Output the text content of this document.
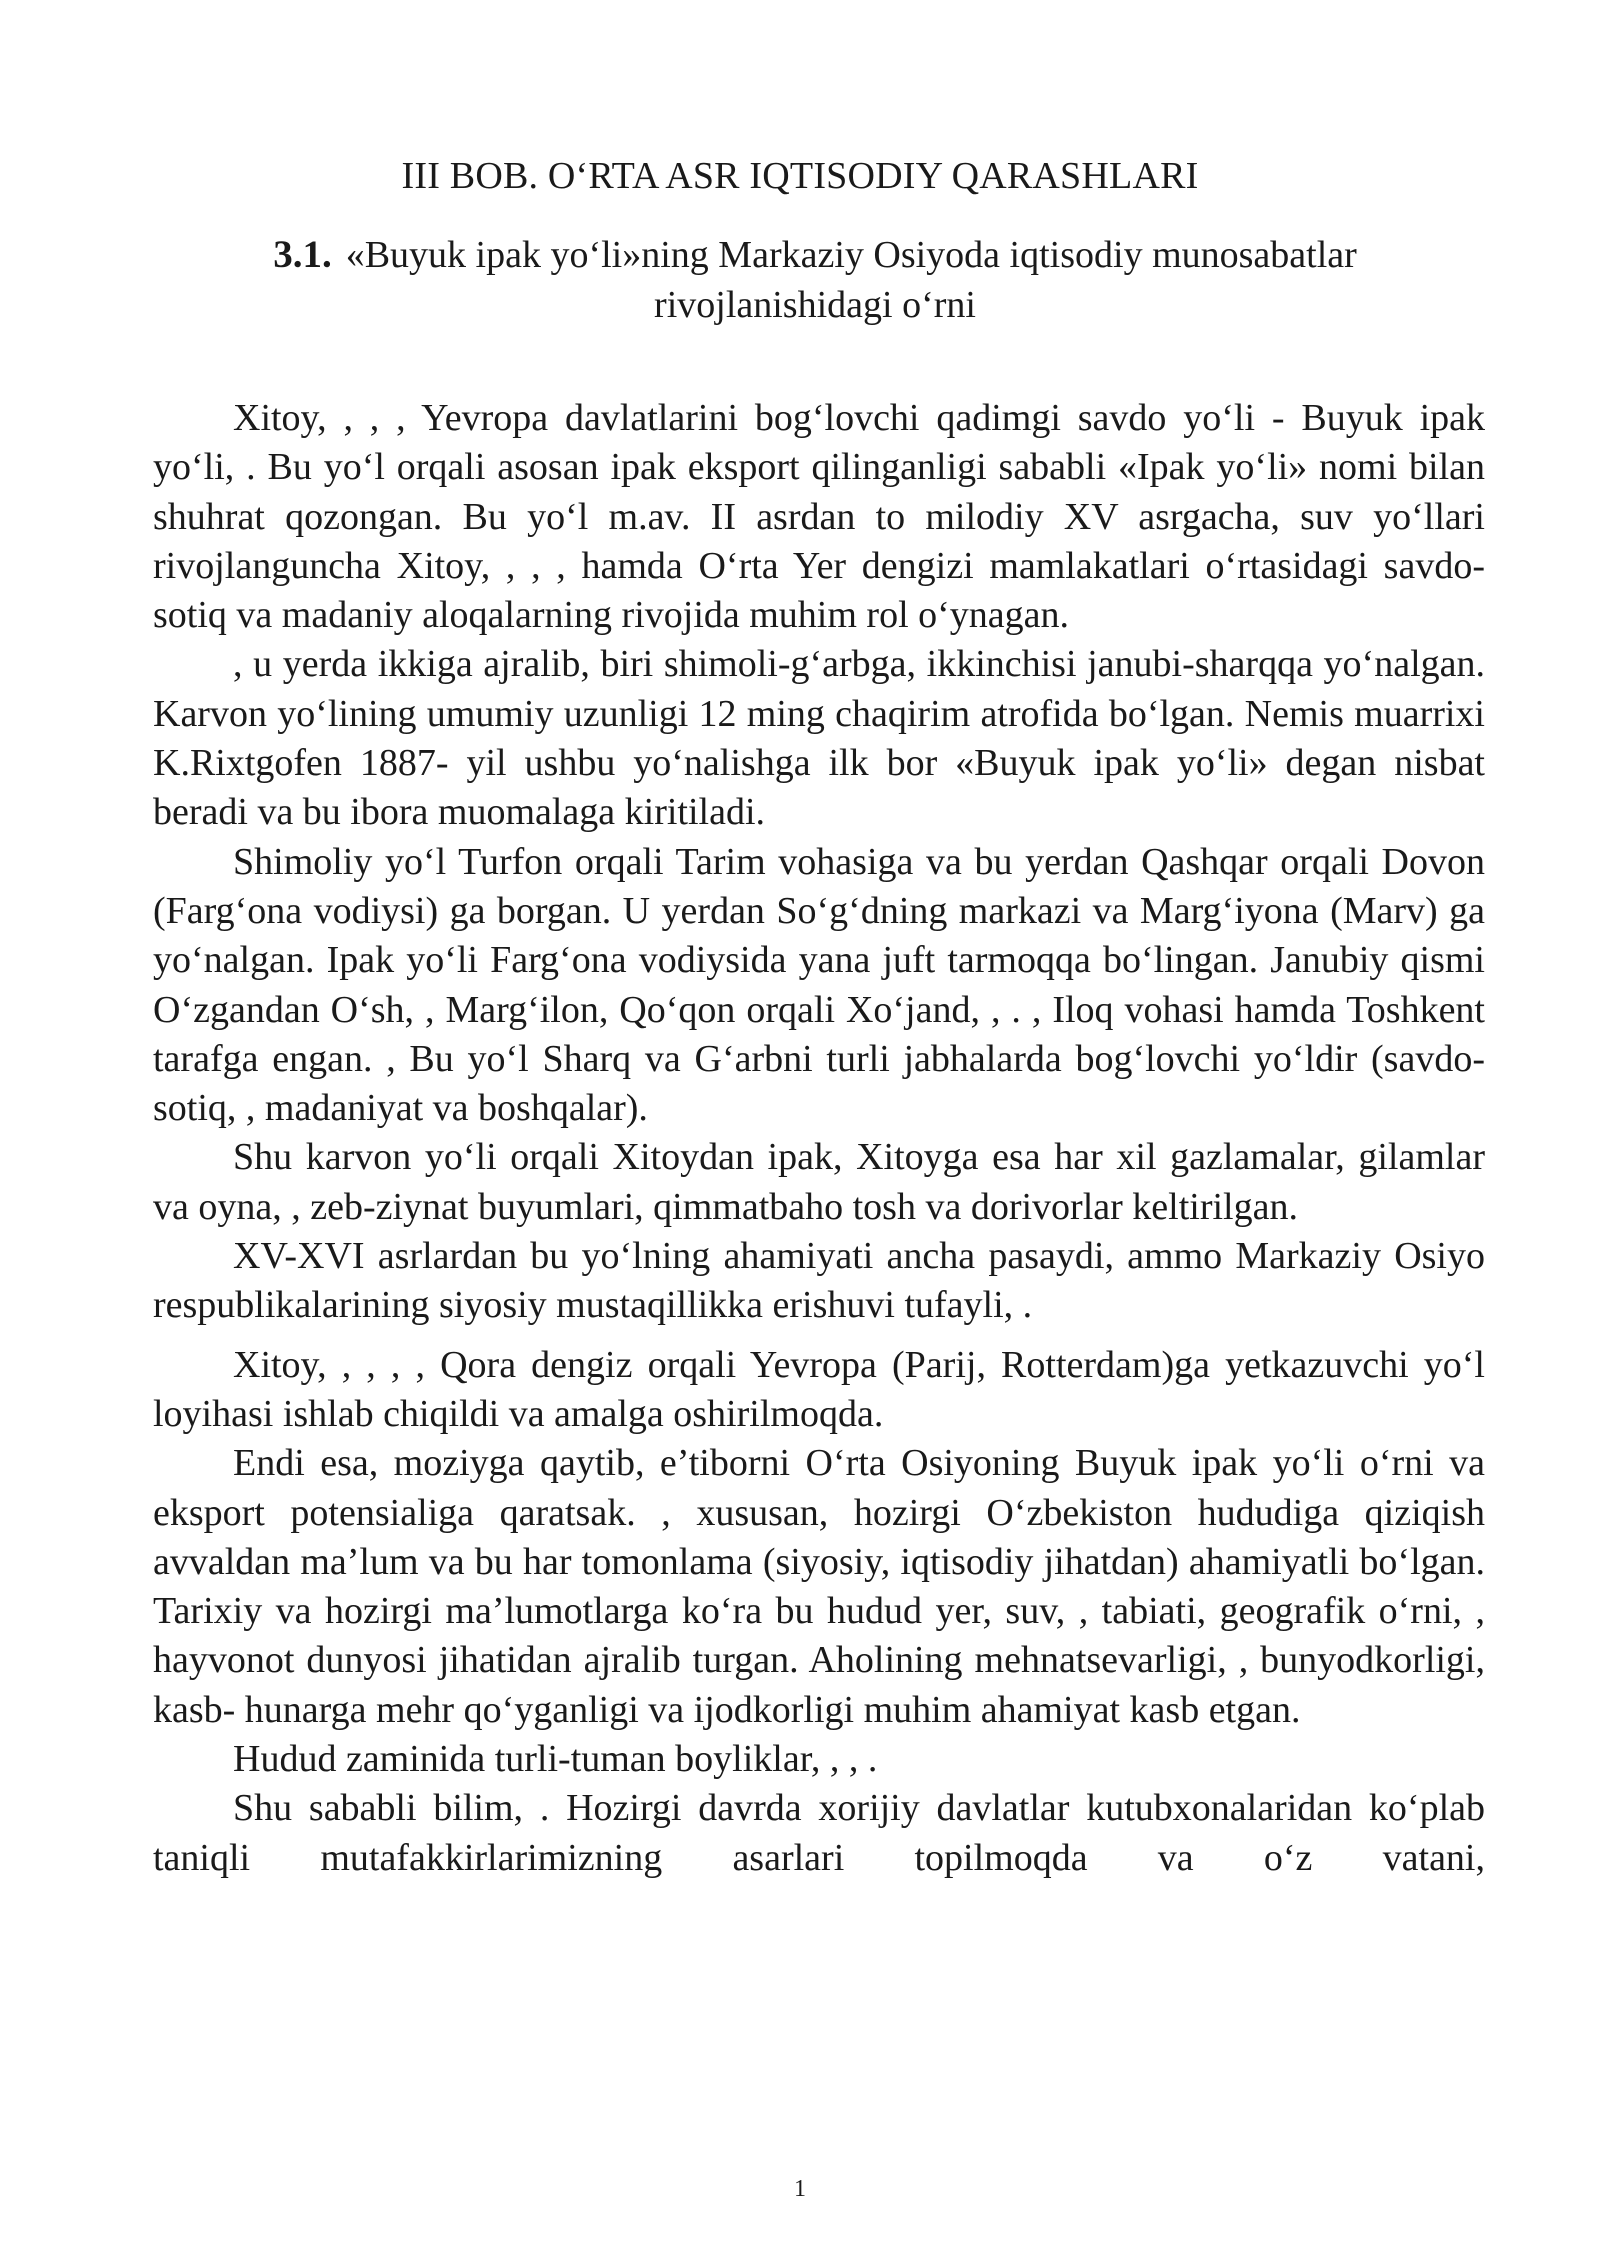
III BOB. O‘RTA ASR IQTISODIY QARASHLARI
3.1. «Buyuk ipak yo‘li»ning Markaziy Osiyoda iqtisodiy munosabatlar rivojlanishidagi o‘rni

Xitoy, , , , Yevropa davlatlarini bog‘lovchi qadimgi savdo yo‘li - Buyuk ipak yo‘li, . Bu yo‘l orqali asosan ipak eksport qilinganligi sababli «Ipak yo‘li» nomi bilan shuhrat qozongan. Bu yo‘l m.av. II asrdan to milodiy XV asrgacha, suv yo‘llari rivojlanguncha Xitoy, , , , hamda O‘rta Yer dengizi mamlakatlari o‘rtasidagi savdo-sotiq va madaniy aloqalarning rivojida muhim rol o‘ynagan.

, u yerda ikkiga ajralib, biri shimoli-g‘arbga, ikkinchisi janubi-sharqqa yo‘nalgan. Karvon yo‘lining umumiy uzunligi 12 ming chaqirim atrofida bo‘lgan. Nemis muarrixi K.Rixtgofen 1887- yil ushbu yo‘nalishga ilk bor «Buyuk ipak yo‘li» degan nisbat beradi va bu ibora muomalaga kiritiladi.

Shimoliy yo‘l Turfon orqali Tarim vohasiga va bu yerdan Qashqar orqali Dovon (Farg‘ona vodiysi) ga borgan. U yerdan So‘g‘dning markazi va Marg‘iyona (Marv) ga yo‘nalgan. Ipak yo‘li Farg‘ona vodiysida yana juft tarmoqqa bo‘lingan. Janubiy qismi O‘zgandan O‘sh, , Marg‘ilon, Qo‘qon orqali Xo‘jand, , . , Iloq vohasi hamda Toshkent tarafga engan. , Bu yo‘l Sharq va G‘arbni turli jabhalarda bog‘lovchi yo‘ldir (savdo-sotiq, , madaniyat va boshqalar).

Shu karvon yo‘li orqali Xitoydan ipak, Xitoyga esa har xil gazlamalar, gilamlar va oyna, , zeb-ziynat buyumlari, qimmatbaho tosh va dorivorlar keltirilgan.

XV-XVI asrlardan bu yo‘lning ahamiyati ancha pasaydi, ammo Markaziy Osiyo respublikalarining siyosiy mustaqillikka erishuvi tufayli, .

Xitoy, , , , , Qora dengiz orqali Yevropa (Parij, Rotterdam)ga yetkazuvchi yo‘l loyihasi ishlab chiqildi va amalga oshirilmoqda.

Endi esa, moziyga qaytib, e’tiborni O‘rta Osiyoning Buyuk ipak yo‘li o‘rni va eksport potensialiga qaratsak. , xususan, hozirgi O‘zbekiston hududiga qiziqish avvaldan ma’lum va bu har tomonlama (siyosiy, iqtisodiy jihatdan) ahamiyatli bo‘lgan. Tarixiy va hozirgi ma’lumotlarga ko‘ra bu hudud yer, suv, , tabiati, geografik o‘rni, , hayvonot dunyosi jihatidan ajralib turgan. Aholining mehnatsevarligi, , bunyodkorligi, kasb- hunarga mehr qo‘yganligi va ijodkorligi muhim ahamiyat kasb etgan.

Hudud zaminida turli-tuman boyliklar, , , .

Shu sababli bilim, . Hozirgi davrda xorijiy davlatlar kutubxonalaridan ko‘plab taniqli mutafakkirlarimizning asarlari topilmoqda va o‘z vatani,

1
